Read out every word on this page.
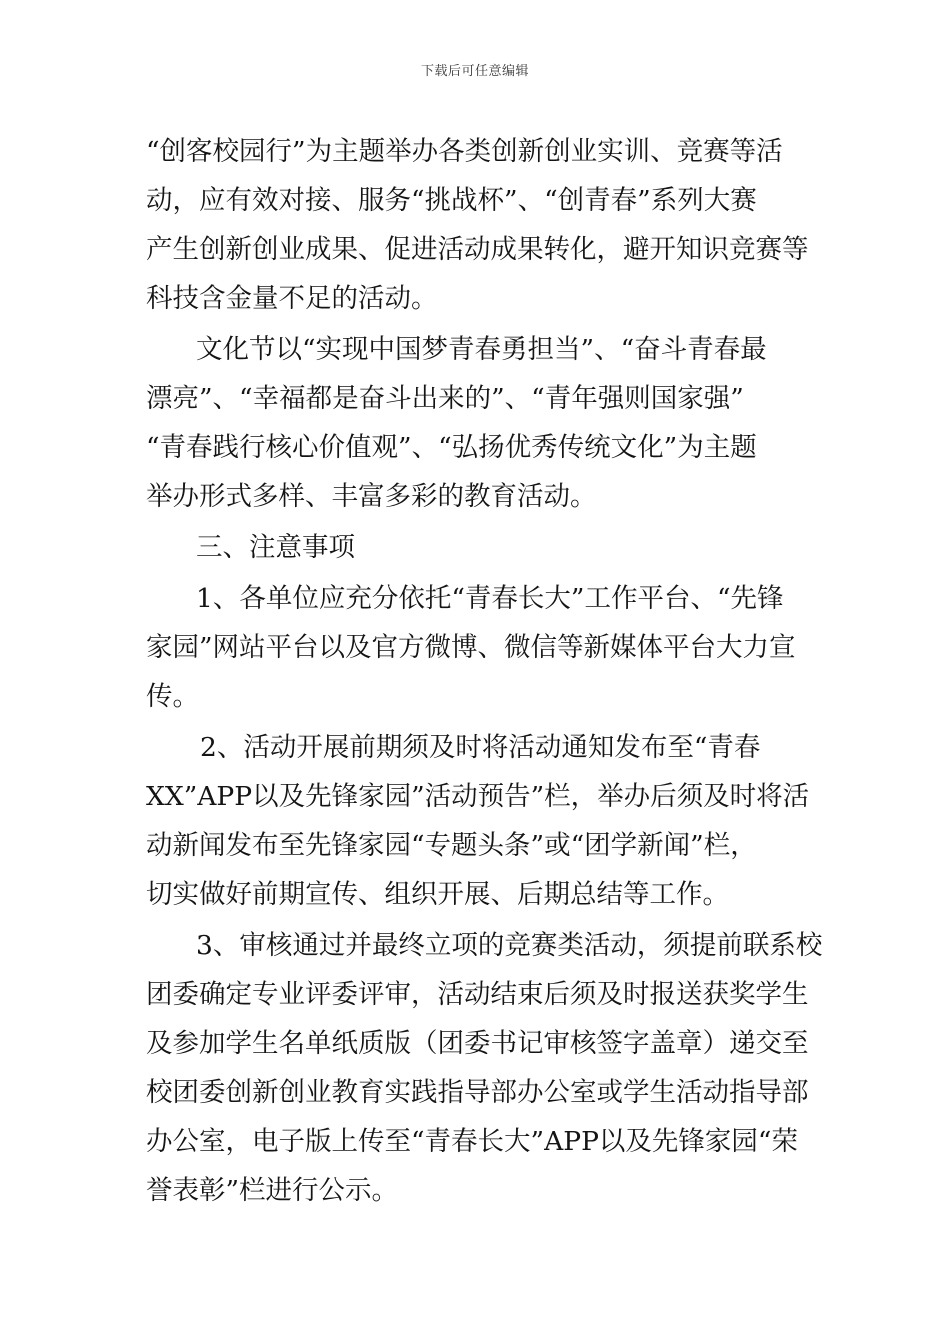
下载后可任意编辑
“创客校园行”为主题举办各类创新创业实训、竞赛等活
动，应有效对接、服务“挑战杯”、“创青春”系列大赛
产生创新创业成果、促进活动成果转化，避开知识竞赛等
科技含金量不足的活动。
文化节以“实现中国梦青春勇担当”、“奋斗青春最
漂亮”、“幸福都是奋斗出来的”、“青年强则国家强”
“青春践行核心价值观”、“弘扬优秀传统文化”为主题
举办形式多样、丰富多彩的教育活动。
三、注意事项
1、各单位应充分依托“青春长大”工作平台、“先锋
家园”网站平台以及官方微博、微信等新媒体平台大力宣
传。
2、活动开展前期须及时将活动通知发布至“青春
XX”APP以及先锋家园”活动预告”栏，举办后须及时将活
动新闻发布至先锋家园“专题头条”或“团学新闻”栏，
切实做好前期宣传、组织开展、后期总结等工作。
3、审核通过并最终立项的竞赛类活动，须提前联系校
团委确定专业评委评审，活动结束后须及时报送获奖学生
及参加学生名单纸质版（团委书记审核签字盖章）递交至
校团委创新创业教育实践指导部办公室或学生活动指导部
办公室，电子版上传至“青春长大”APP以及先锋家园“荣
誉表彰”栏进行公示。
